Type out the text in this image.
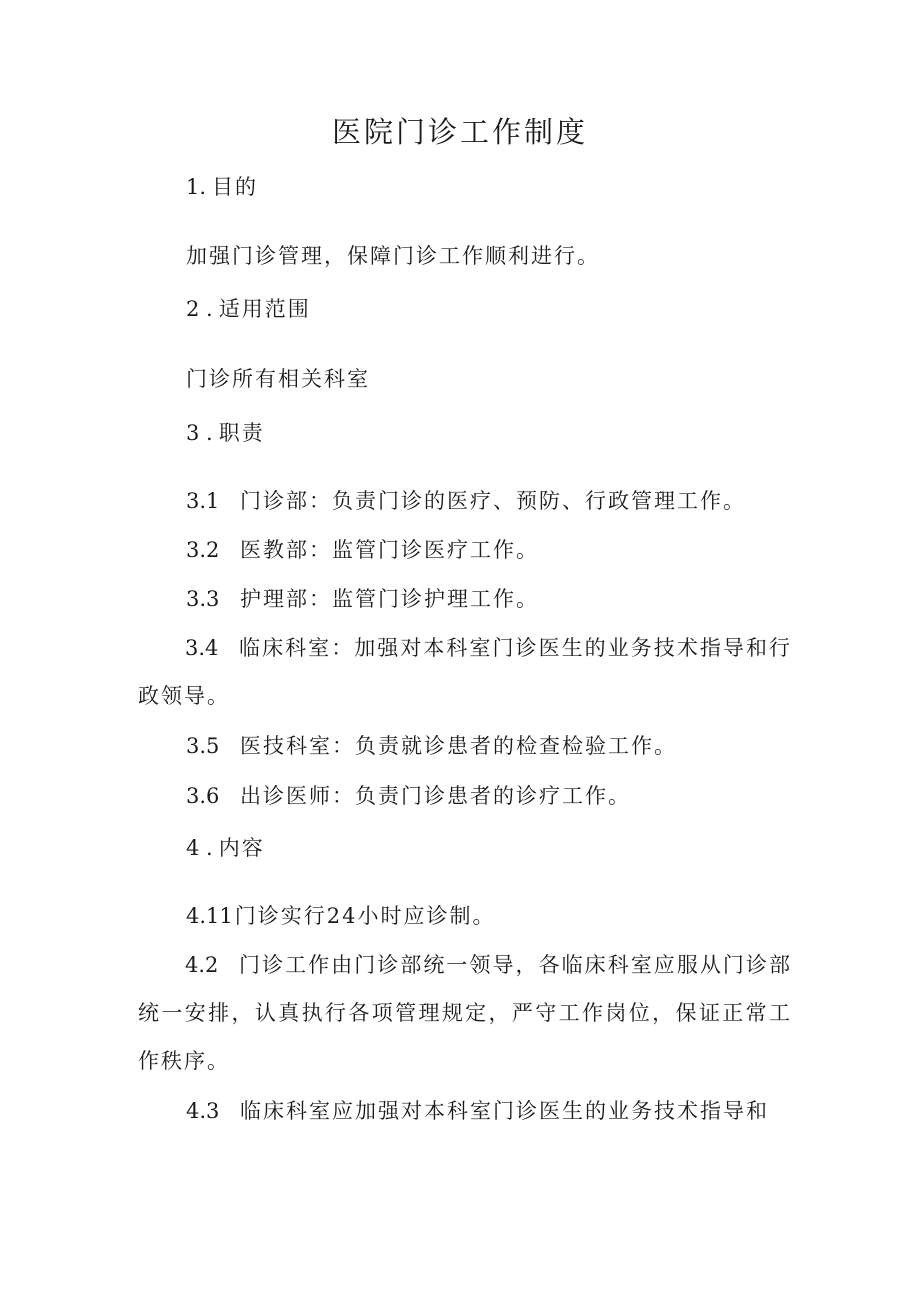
医院门诊工作制度
1. 目的
加强门诊管理，保障门诊工作顺利进行。
2 . 适用范围
门诊所有相关科室
3 . 职责
3.1 门诊部：负责门诊的医疗、预防、行政管理工作。
3.2 医教部：监管门诊医疗工作。
3.3 护理部：监管门诊护理工作。
3.4 临床科室：加强对本科室门诊医生的业务技术指导和行政领导。
3.5 医技科室：负责就诊患者的检查检验工作。
3.6 出诊医师：负责门诊患者的诊疗工作。
4 . 内容
4.11门诊实行24小时应诊制。
4.2 门诊工作由门诊部统一领导，各临床科室应服从门诊部统一安排，认真执行各项管理规定，严守工作岗位，保证正常工作秩序。
4.3 临床科室应加强对本科室门诊医生的业务技术指导和
